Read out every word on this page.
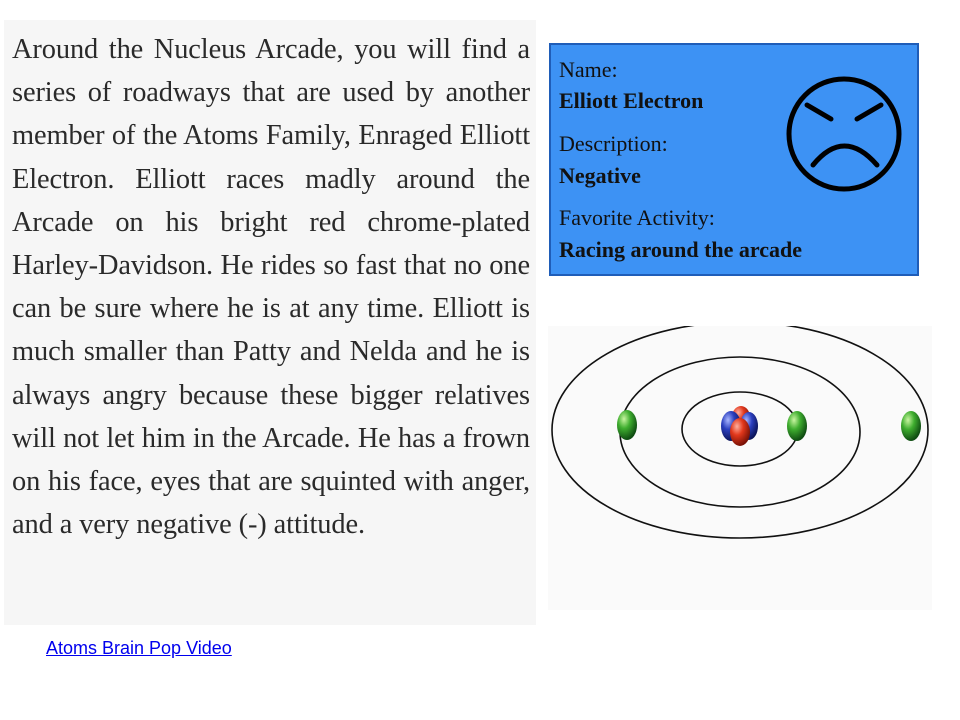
Around the Nucleus Arcade, you will find a series of roadways that are used by another member of the Atoms Family, Enraged Elliott Electron. Elliott races madly around the Arcade on his bright red chrome-plated Harley-Davidson. He rides so fast that no one can be sure where he is at any time. Elliott is much smaller than Patty and Nelda and he is always angry because these bigger relatives will not let him in the Arcade. He has a frown on his face, eyes that are squinted with anger, and a very negative (-) attitude.

Name:
Elliott Electron
Description:
Negative
Favorite Activity:
Racing around the arcade
Atoms Brain Pop Video
